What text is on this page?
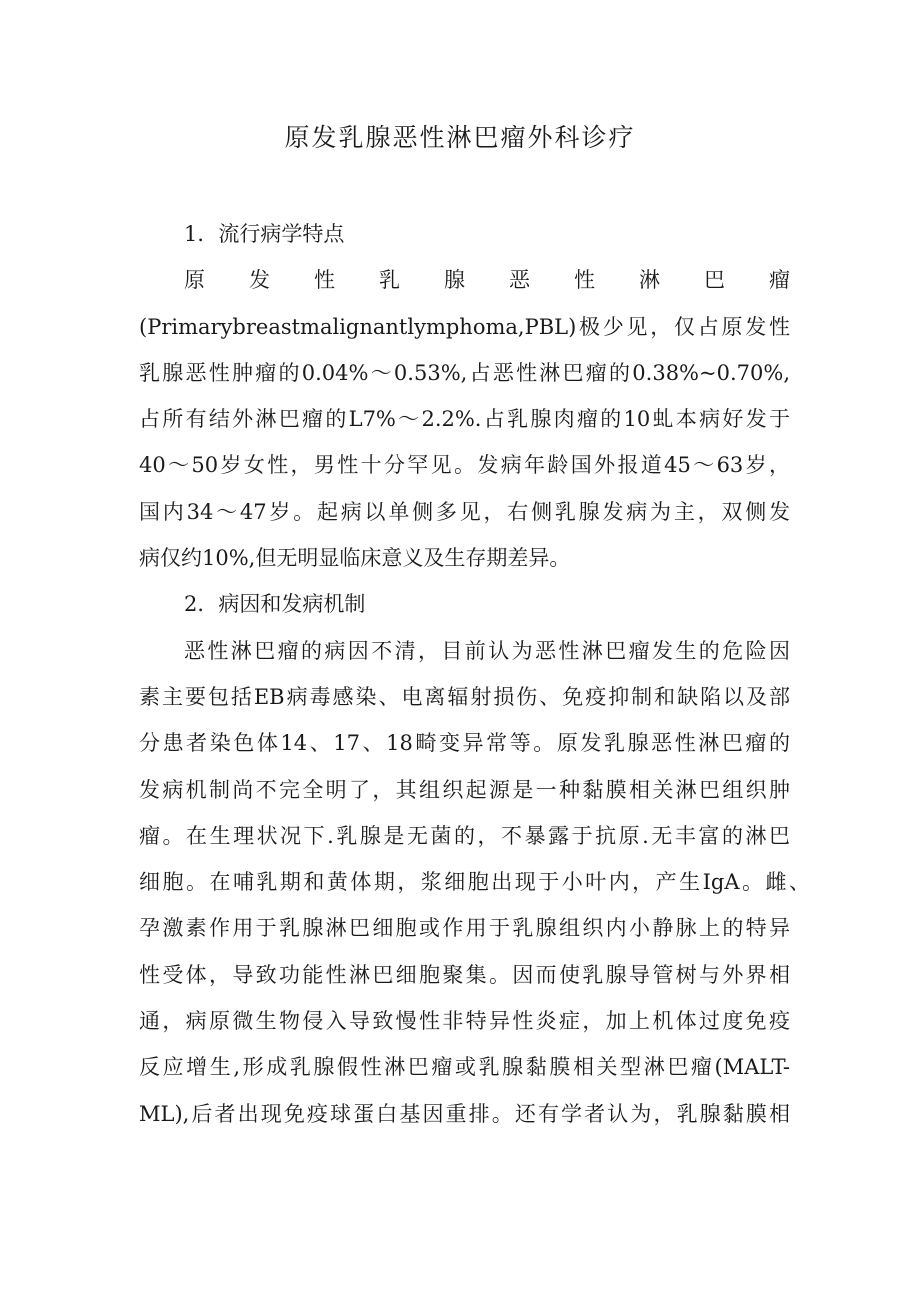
原发乳腺恶性淋巴瘤外科诊疗
1．流行病学特点
原 发 性 乳 腺 恶 性 淋 巴 瘤
(Primarybreastmalignantlymphoma,PBL)极少见，仅占原发性
乳腺恶性肿瘤的0.04%～0.53%,占恶性淋巴瘤的0.38%~0.70%,
占所有结外淋巴瘤的L7%～2.2%.占乳腺肉瘤的10虬本病好发于
40～50岁女性，男性十分罕见。发病年龄国外报道45～63岁，
国内34～47岁。起病以单侧多见，右侧乳腺发病为主，双侧发
病仅约10%,但无明显临床意义及生存期差异。
2．病因和发病机制
恶性淋巴瘤的病因不清，目前认为恶性淋巴瘤发生的危险因
素主要包括EB病毒感染、电离辐射损伤、免疫抑制和缺陷以及部
分患者染色体14、17、18畸变异常等。原发乳腺恶性淋巴瘤的
发病机制尚不完全明了，其组织起源是一种黏膜相关淋巴组织肿
瘤。在生理状况下.乳腺是无菌的，不暴露于抗原.无丰富的淋巴
细胞。在哺乳期和黄体期，浆细胞出现于小叶内，产生IgA。雌、
孕激素作用于乳腺淋巴细胞或作用于乳腺组织内小静脉上的特异
性受体，导致功能性淋巴细胞聚集。因而使乳腺导管树与外界相
通，病原微生物侵入导致慢性非特异性炎症，加上机体过度免疫
反应增生,形成乳腺假性淋巴瘤或乳腺黏膜相关型淋巴瘤(MALT-
ML),后者出现免疫球蛋白基因重排。还有学者认为，乳腺黏膜相
